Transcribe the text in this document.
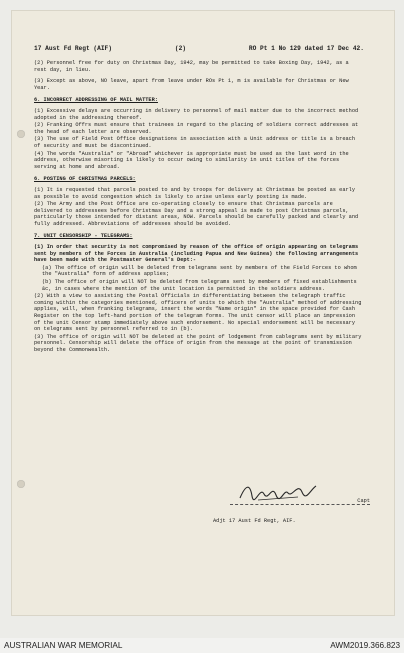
17 Aust Fd Regt (AIF)	(2)	RO Pt 1 No 129 dated 17 Dec 42.

(2) Personnel free for duty on Christmas Day, 1942, may be permitted to take Boxing Day, 1942, as a rest day, in lieu.

(3) Except as above, NO leave, apart from leave under ROs Pt 1, m is available for Christmas or New Year.

6. INCORRECT ADDRESSING OF MAIL MATTER:

(1) Excessive delays are occurring in delivery to personnel of mail matter due to the incorrect method adopted in the addressing thereof.

(2) Franking Offrs must ensure that trainees in regard to the placing of soldiers correct addresses at the head of each letter are observed.

(3) The use of Field Post Office designations in association with a Unit address or title is a breach of security and must be discontinued.

(4) The words "Australia" or "Abroad" whichever is appropriate must be used as the last word in the address, otherwise misorting is likely to occur owing to similarity in unit titles of the forces serving at home and abroad.

6. POSTING OF CHRISTMAS PARCELS:

(1) It is requested that parcels posted to and by troops for delivery at Christmas be posted as early as possible to avoid congestion which is likely to arise unless early posting is made.

(2) The Army and the Post Office are co-operating closely to ensure that Christmas parcels are delivered to addressees before Christmas Day and a strong appeal is made to post Christmas parcels, particularly those intended for distant areas, NOW. Parcels should be carefully packed and clearly and fully addressed. Abbreviations of addresses should be avoided.

7. UNIT CENSORSHIP - TELEGRAMS:

(1) In order that security is not compromised by reason of the office of origin appearing on telegrams sent by members of the Forces in Australia (including Papua and New Guinea) the following arrangements have been made with the Postmaster General's Dept:-

(a) The office of origin will be deleted from telegrams sent by members of the Field Forces to whom the "Australia" form of address applies;

(b) The office of origin will NOT be deleted from telegrams sent by members of fixed establishments &c, in cases where the mention of the unit location is permitted in the soldiers address.

(2) With a view to assisting the Postal Officials in differentiating between the telegraph traffic coming within the categories mentioned, officers of units to which the "Australia" method of addressing applies, will, when franking telegrams, insert the words "Name origin" in the space provided for Cash Register on the top left-hand portion of the telegram forms. The unit censor will place an impression of the unit Censor stamp immediately above such endorsement. No special endorsement will be necessary on telegrams sent by personnel referred to in (b).

(3) The office of origin will NOT be deleted at the point of lodgement from cablegrams sent by military personnel. Censorship will delete the office of origin from the message at the point of transmission beyond the Commonwealth.

Capt
Adjt 17 Aust Fd Regt, AIF.
AUSTRALIAN WAR MEMORIAL	AWM2019.366.823
